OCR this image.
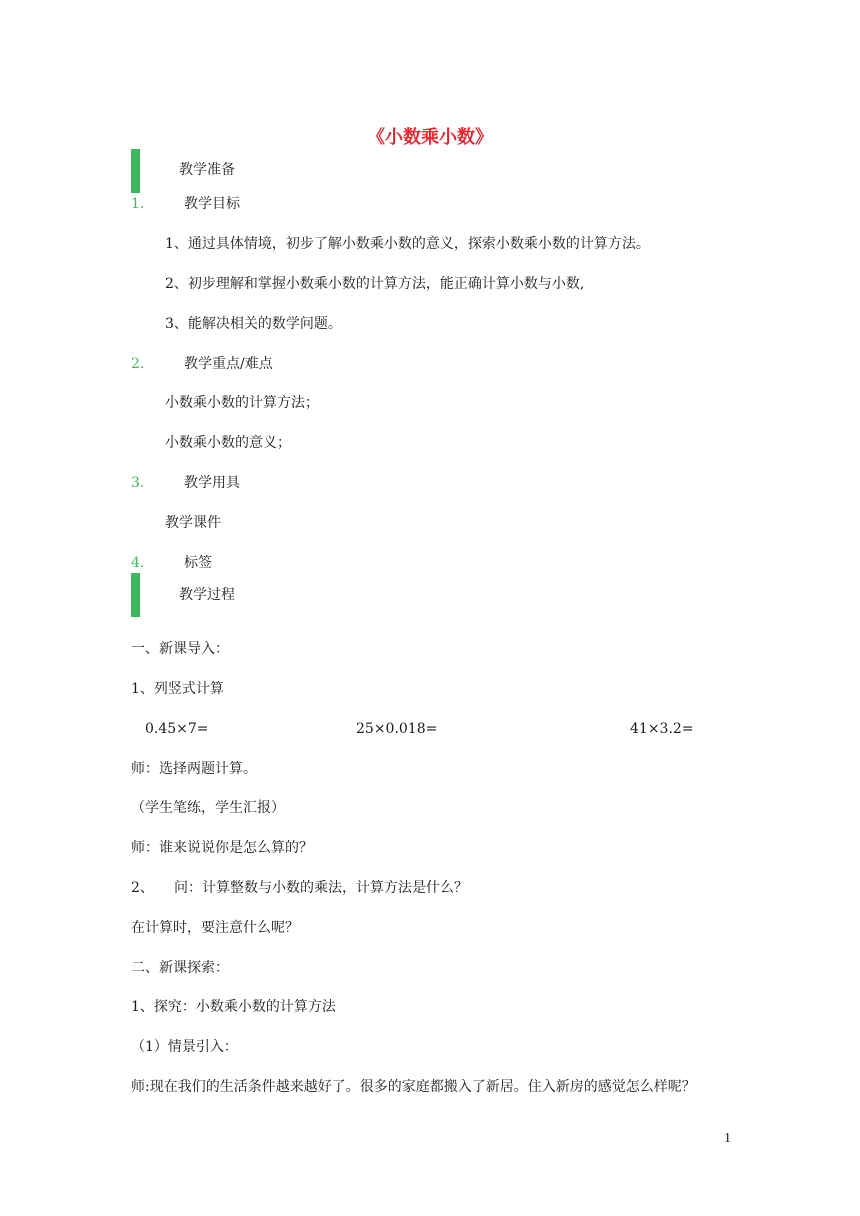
《小数乘小数》
教学准备
1.	教学目标
1、通过具体情境，初步了解小数乘小数的意义，探索小数乘小数的计算方法。
2、初步理解和掌握小数乘小数的计算方法，能正确计算小数与小数,
3、能解决相关的数学问题。
2.	教学重点/难点
小数乘小数的计算方法；
小数乘小数的意义；
3.	教学用具
教学课件
4.	标签
教学过程
一、新课导入：
1、列竖式计算
0.45×7=	25×0.018=	41×3.2=
师：选择两题计算。
（学生笔练，学生汇报）
师：谁来说说你是怎么算的？
2、 问：计算整数与小数的乘法，计算方法是什么？
在计算时，要注意什么呢？
二、新课探索：
1、探究：小数乘小数的计算方法
（1）情景引入：
师:现在我们的生活条件越来越好了。很多的家庭都搬入了新居。住入新房的感觉怎么样呢？
1
